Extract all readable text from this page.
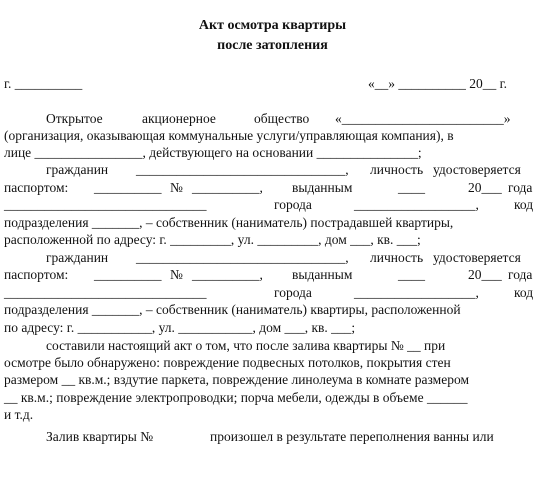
Акт осмотра квартиры
после затопления

г. __________

	«__» __________ 20__ г.

Открытое

	акционерное

	общество

«________________________»

(организация, оказывающая коммунальные услуги/управляющая компания), в

лице ________________, действующего на основании _______________;

гражданин

_______________________________,

личность

удостоверяется

паспортом:

__________

№

__________,

выданным

	____

	20___

года

______________________________

	города

	__________________,

	код

подразделения _______, – собственник (наниматель) пострадавшей квартиры,

расположенной по адресу: г. _________, ул. _________, дом ___, кв. ___;

гражданин

_______________________________,

личность

удостоверяется

паспортом:

__________

№

__________,

выданным

	____

	20___

года

______________________________

	города

	__________________,

	код

подразделения _______, – собственник (наниматель) квартиры, расположенной

по адресу: г. ___________, ул. ___________, дом ___, кв. ___;

составили настоящий акт о том, что после залива квартиры № __ при

осмотре было обнаружено: повреждение подвесных потолков, покрытия стен

размером __ кв.м.; вздутие паркета, повреждение линолеума в комнате размером

__ кв.м.; повреждение электропроводки; порча мебели, одежды в объеме ______

и т.д.

Залив квартиры №

	произошел в результате переполнения ванны или
